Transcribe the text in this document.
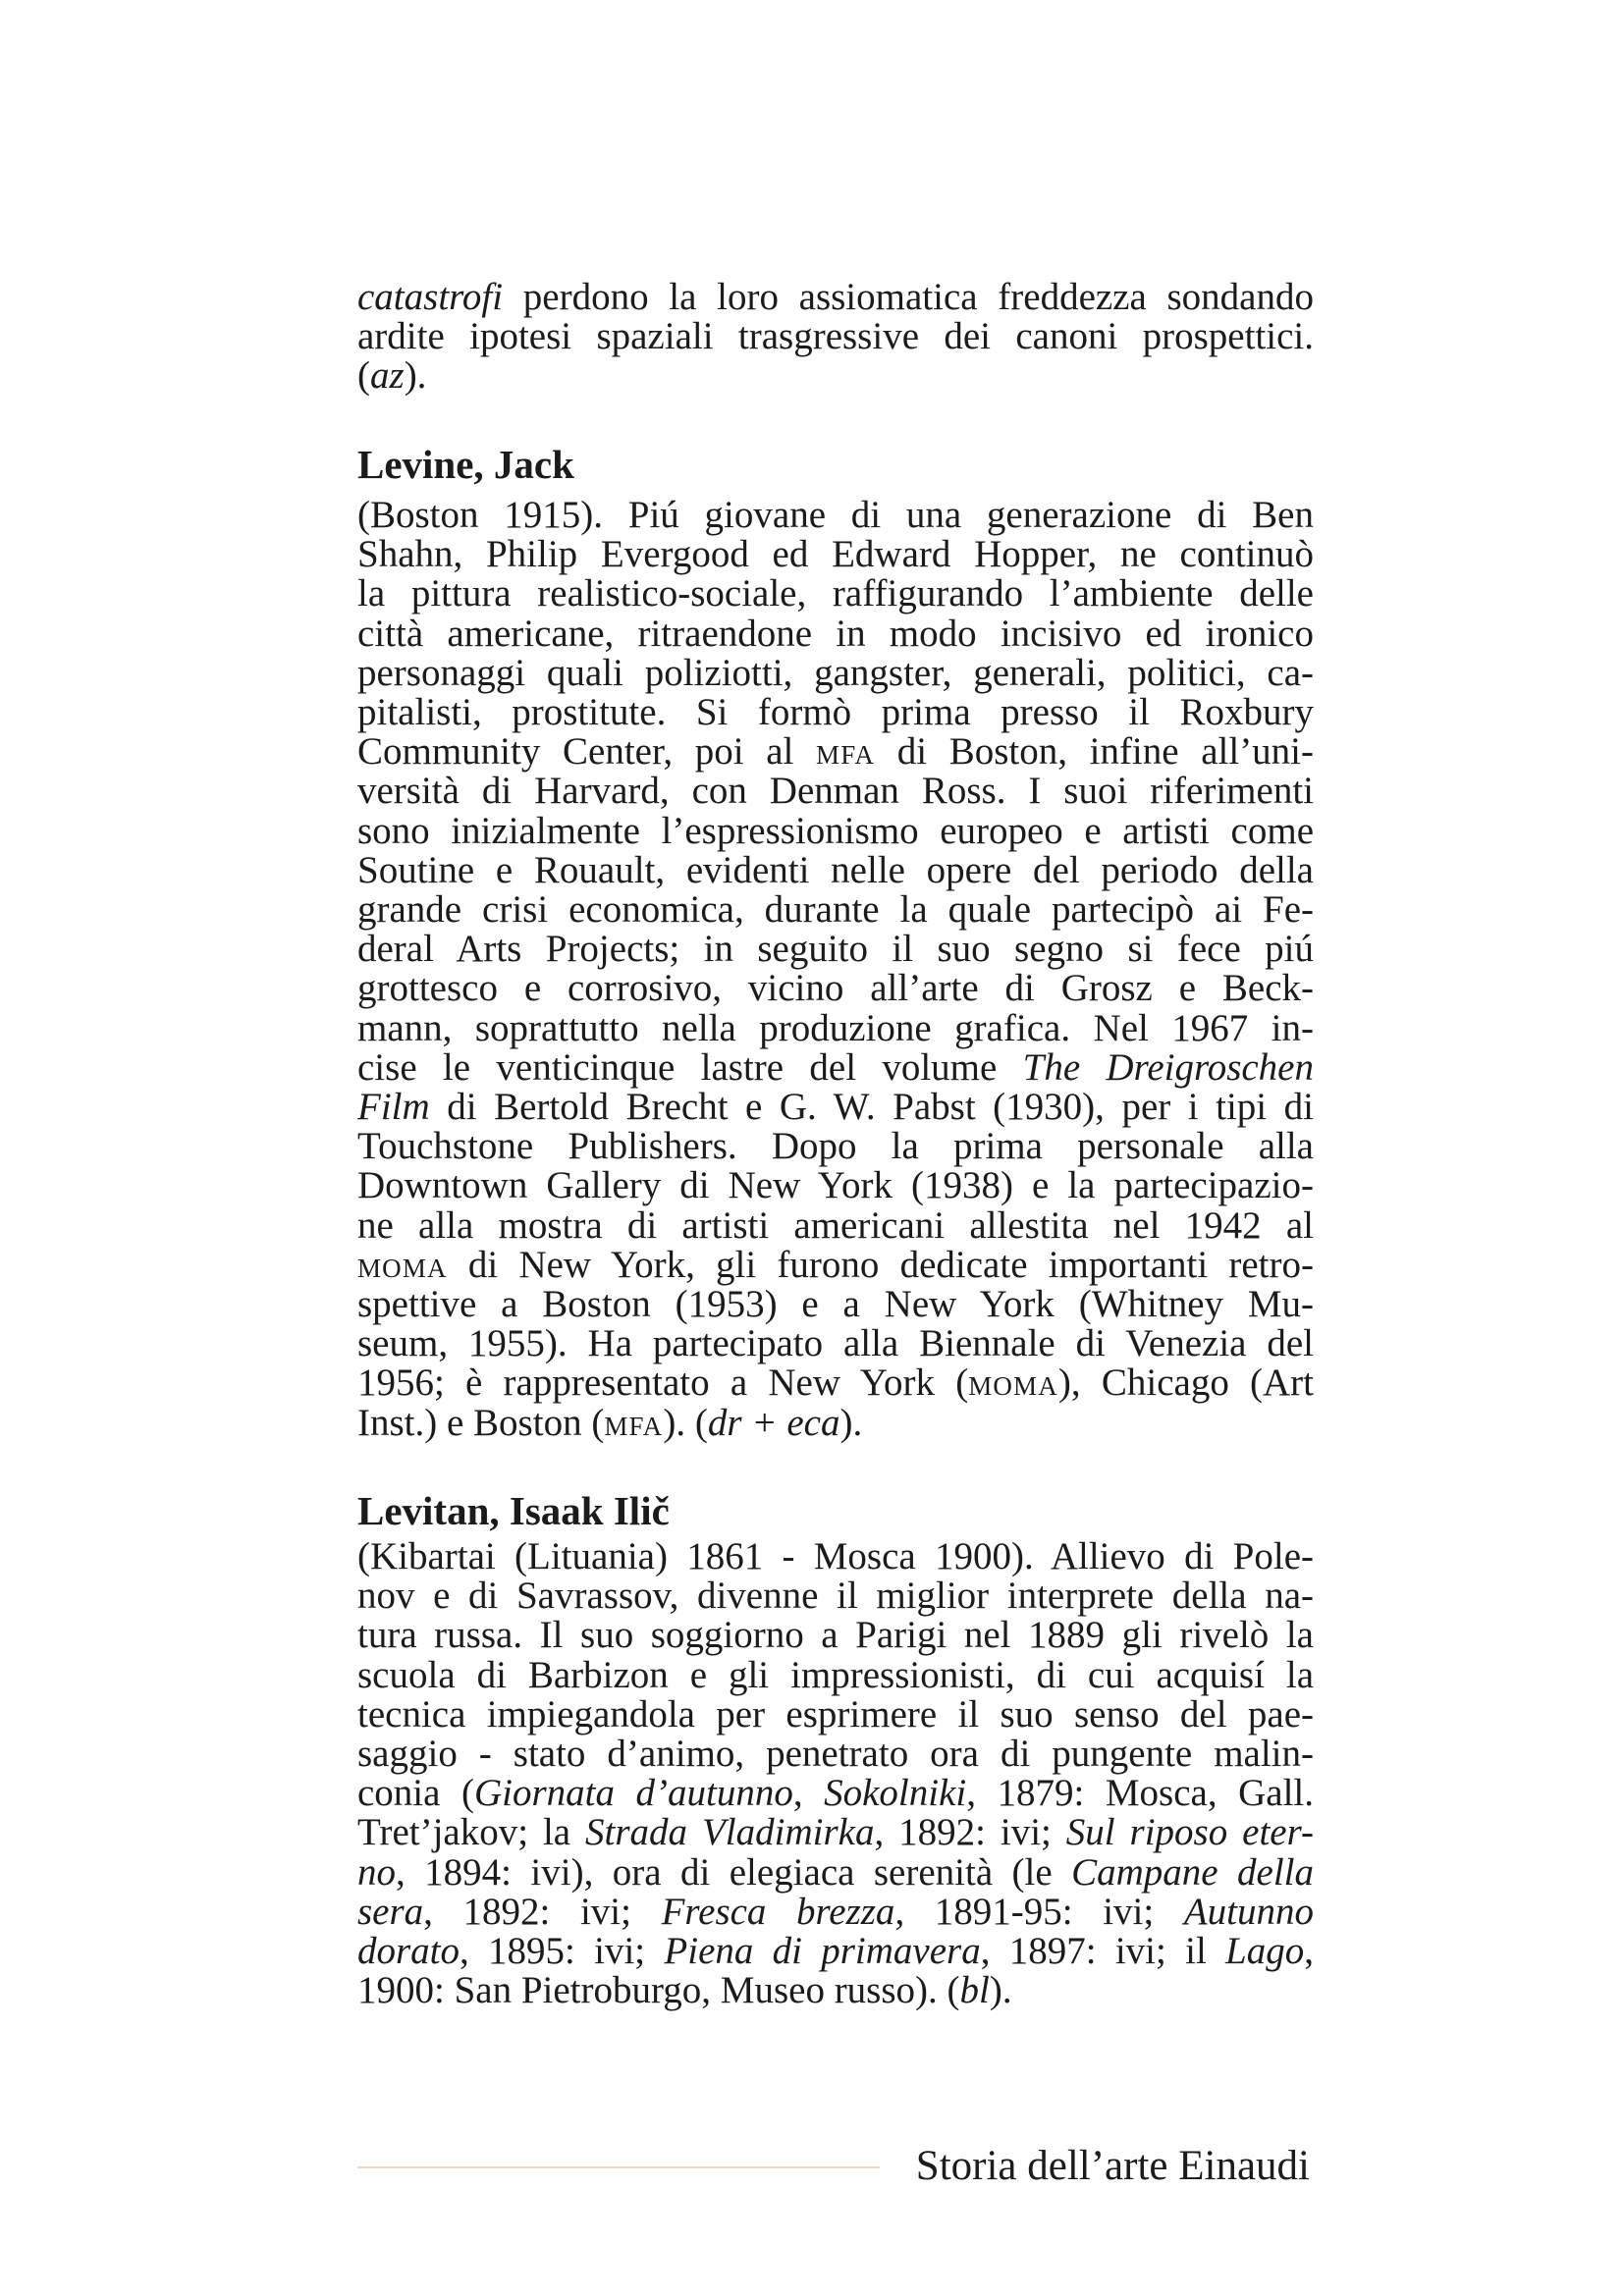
catastrofi perdono la loro assiomatica freddezza sondando
ardite ipotesi spaziali trasgressive dei canoni prospettici.
(az).
Levine, Jack
(Boston 1915). Piú giovane di una generazione di Ben
Shahn, Philip Evergood ed Edward Hopper, ne continuò
la pittura realistico-sociale, raffigurando l’ambiente delle
città americane, ritraendone in modo incisivo ed ironico
personaggi quali poliziotti, gangster, generali, politici, ca-
pitalisti, prostitute. Si formò prima presso il Roxbury
Community Center, poi al mfa di Boston, infine all’uni-
versità di Harvard, con Denman Ross. I suoi riferimenti
sono inizialmente l’espressionismo europeo e artisti come
Soutine e Rouault, evidenti nelle opere del periodo della
grande crisi economica, durante la quale partecipò ai Fe-
deral Arts Projects; in seguito il suo segno si fece piú
grottesco e corrosivo, vicino all’arte di Grosz e Beck-
mann, soprattutto nella produzione grafica. Nel 1967 in-
cise le venticinque lastre del volume The Dreigroschen
Film di Bertold Brecht e G. W. Pabst (1930), per i tipi di
Touchstone Publishers. Dopo la prima personale alla
Downtown Gallery di New York (1938) e la partecipazio-
ne alla mostra di artisti americani allestita nel 1942 al
moma di New York, gli furono dedicate importanti retro-
spettive a Boston (1953) e a New York (Whitney Mu-
seum, 1955). Ha partecipato alla Biennale di Venezia del
1956; è rappresentato a New York (moma), Chicago (Art
Inst.) e Boston (mfa). (dr + eca).
Levitan, Isaak Ilič
(Kibartai (Lituania) 1861 - Mosca 1900). Allievo di Pole-
nov e di Savrassov, divenne il miglior interprete della na-
tura russa. Il suo soggiorno a Parigi nel 1889 gli rivelò la
scuola di Barbizon e gli impressionisti, di cui acquisí la
tecnica impiegandola per esprimere il suo senso del pae-
saggio - stato d’animo, penetrato ora di pungente malin-
conia (Giornata d’autunno, Sokolniki, 1879: Mosca, Gall.
Tret’jakov; la Strada Vladimirka, 1892: ivi; Sul riposo eter-
no, 1894: ivi), ora di elegiaca serenità (le Campane della
sera, 1892: ivi; Fresca brezza, 1891-95: ivi; Autunno
dorato, 1895: ivi; Piena di primavera, 1897: ivi; il Lago,
1900: San Pietroburgo, Museo russo). (bl).
Storia dell’arte Einaudi
